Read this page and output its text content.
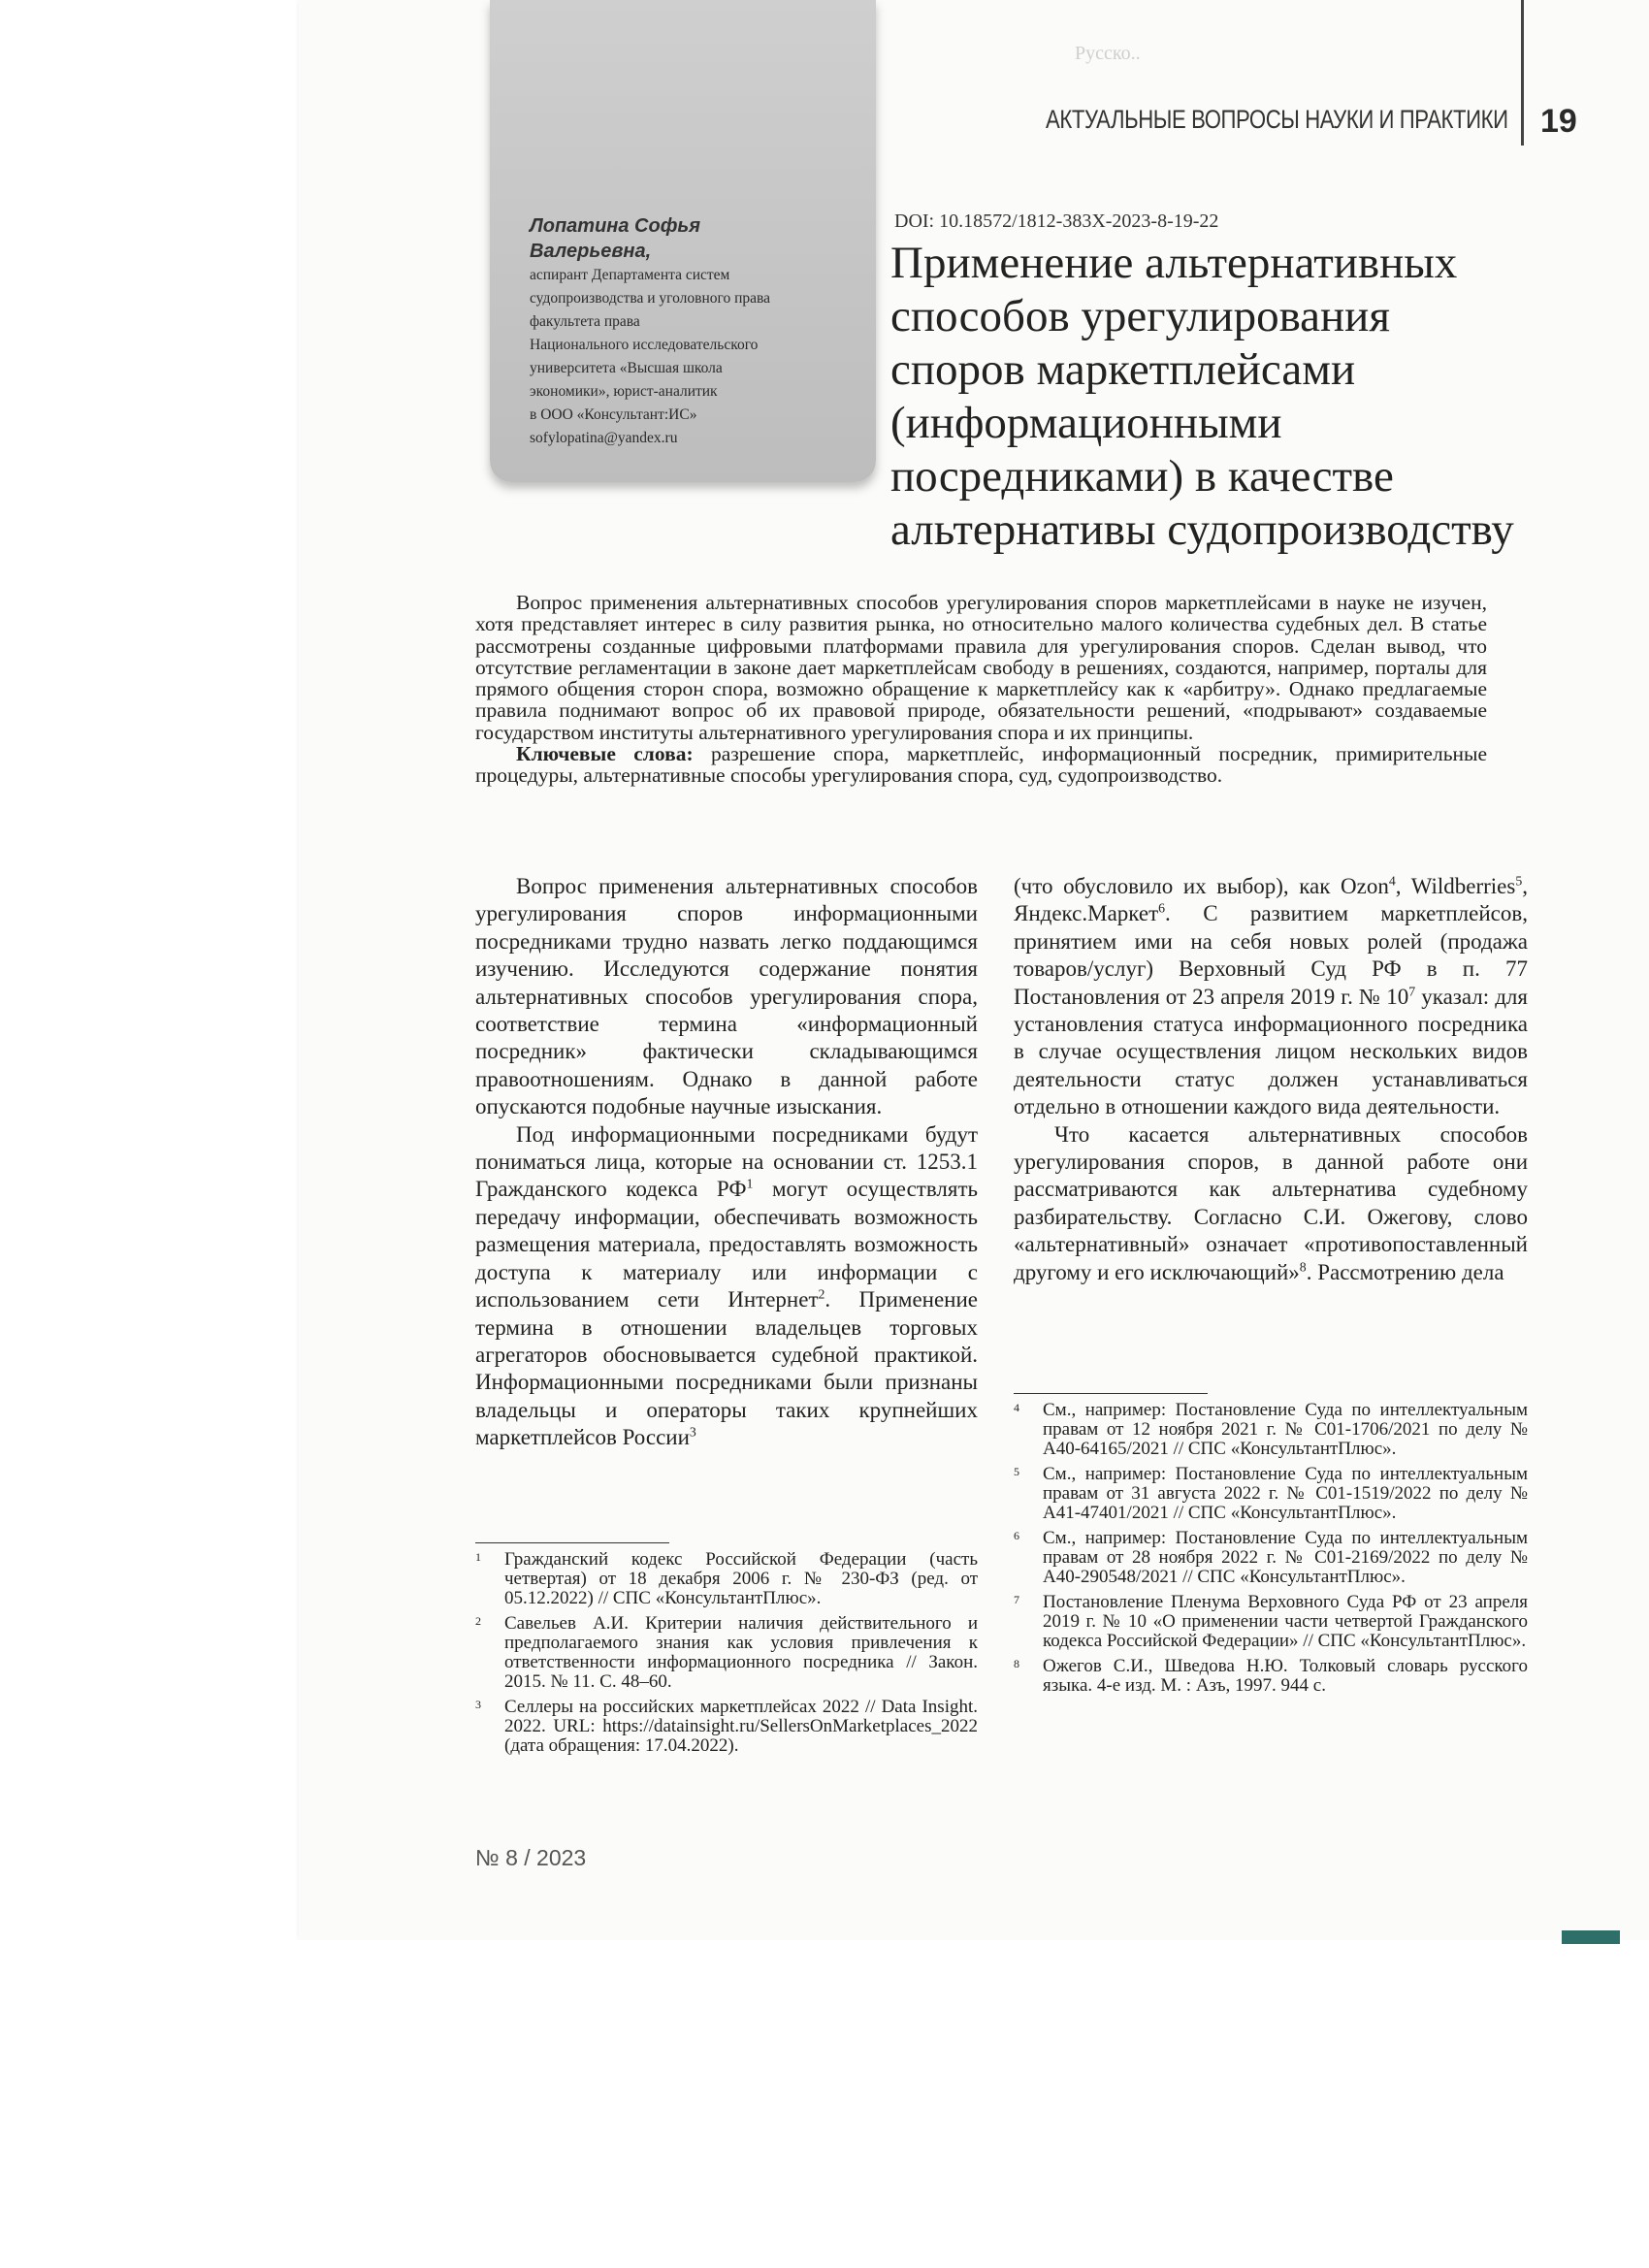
Лопатина Софья Валерьевна,
аспирант Департамента систем
судопроизводства и уголовного права
факультета права
Национального исследовательского
университета «Высшая школа
экономики», юрист-аналитик
в ООО «Консультант:ИС»
sofylopatina@yandex.ru
Русско..
АКТУАЛЬНЫЕ ВОПРОСЫ НАУКИ И ПРАКТИКИ 19
DOI: 10.18572/1812-383X-2023-8-19-22
Применение альтернативных
способов урегулирования
споров маркетплейсами
(информационными
посредниками) в качестве
альтернативы судопроизводству

Вопрос применения альтернативных способов урегулирования споров маркетплейсами в науке не изучен, хотя представляет интерес в силу развития рынка, но относительно малого количества судебных дел. В статье рассмотрены созданные цифровыми платформами правила для урегулирования споров. Сделан вывод, что отсутствие регламентации в законе дает маркетплейсам свободу в решениях, создаются, например, порталы для прямого общения сторон спора, возможно обращение к маркетплейсу как к «арбитру». Однако предлагаемые правила поднимают вопрос об их правовой природе, обязательности решений, «подрывают» создаваемые государством институты альтернативного урегулирования спора и их принципы.

Ключевые слова: разрешение спора, маркетплейс, информационный посредник, примирительные процедуры, альтернативные способы урегулирования спора, суд, судопроизводство.

Вопрос применения альтернативных способов урегулирования споров информационными посредниками трудно назвать легко поддающимся изучению. Исследуются содержание понятия альтернативных способов урегулирования спора, соответствие термина «информационный посредник» фактически складывающимся правоотношениям. Однако в данной работе опускаются подобные научные изыскания.

Под информационными посредниками будут пониматься лица, которые на основании ст. 1253.1 Гражданского кодекса $РФ^1$ могут осуществлять передачу информации, обеспечивать возможность размещения материала, предоставлять возможность доступа к материалу или информации с использованием сети Интернет$^2$. Применение термина в отношении владельцев торговых агрегаторов обосновывается судебной практикой. Информационными посредниками были признаны владельцы и операторы таких крупнейших маркетплейсов России$^3$

(что обусловило их выбор), как Ozon$^4$, Wildberries$^5$, Яндекс.Маркет$^6$. С развитием маркетплейсов, принятием ими на себя новых ролей (продажа товаров/услуг) Верховный Суд РФ в п. 77 Постановления от 23 апреля 2019 г. № $10^7$ указал: для установления статуса информационного посредника в случае осуществления лицом нескольких видов деятельности статус должен устанавливаться отдельно в отношении каждого вида деятельности.

Что касается альтернативных способов урегулирования споров, в данной работе они рассматриваются как альтернатива судебному разбирательству. Согласно С.И. Ожегову, слово «альтернативный» означает «противопоставленный другому и его исключающий»$^8$. Рассмотрению дела

1 Гражданский кодекс Российской Федерации (часть четвертая) от 18 декабря 2006 г. № 230-ФЗ (ред. от 05.12.2022) // СПС «КонсультантПлюс».
2 Савельев А.И. Критерии наличия действительного и предполагаемого знания как условия привлечения к ответственности информационного посредника // Закон. 2015. № 11. С. 48–60.
3 Селлеры на российских маркетплейсах 2022 // Data Insight. 2022. URL: https://datainsight.ru/SellersOnMarketplaces_2022 (дата обращения: 17.04.2022).
4 См., например: Постановление Суда по интеллектуальным правам от 12 ноября 2021 г. № С01-1706/2021 по делу № А40-64165/2021 // СПС «КонсультантПлюс».
5 См., например: Постановление Суда по интеллектуальным правам от 31 августа 2022 г. № С01-1519/2022 по делу № А41-47401/2021 // СПС «КонсультантПлюс».
6 См., например: Постановление Суда по интеллектуальным правам от 28 ноября 2022 г. № С01-2169/2022 по делу № А40-290548/2021 // СПС «КонсультантПлюс».
7 Постановление Пленума Верховного Суда РФ от 23 апреля 2019 г. № 10 «О применении части четвертой Гражданского кодекса Российской Федерации» // СПС «КонсультантПлюс».
8 Ожегов С.И., Шведова Н.Ю. Толковый словарь русского языка. 4-е изд. М. : Азъ, 1997. 944 с.
№ 8 / 2023
